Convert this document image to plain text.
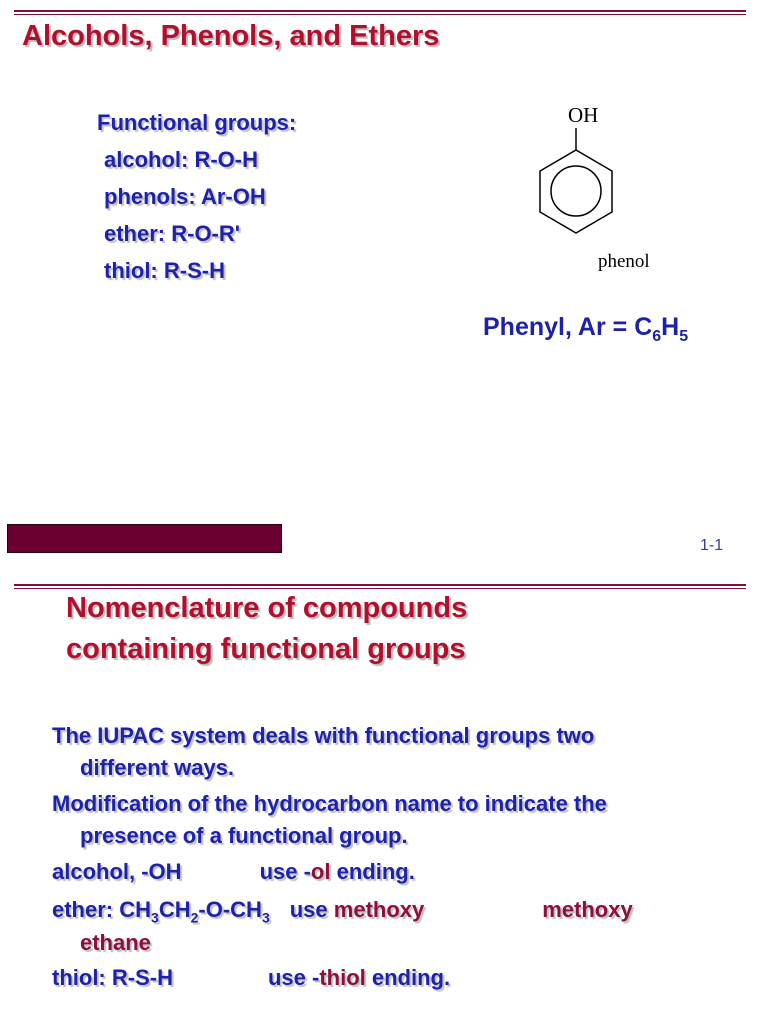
Alcohols, Phenols, and Ethers

Functional groups:

alcohol: R-O-H
phenols: Ar-OH
ether: R-O-R'
thiol: R-S-H
OH
phenol

Phenyl, $Ar = C_6H_5$

1-1
Nomenclature of compounds
containing functional groups

The IUPAC system deals with functional groups two
different ways.

Modification of the hydrocarbon name to indicate the
presence of a functional group.

alcohol, -OH	use -ol ending.

ether: $CH_3CH_2-O-CH_3$ use methoxy	methoxy
ethane

thiol: R-S-H	use -thiol ending.
